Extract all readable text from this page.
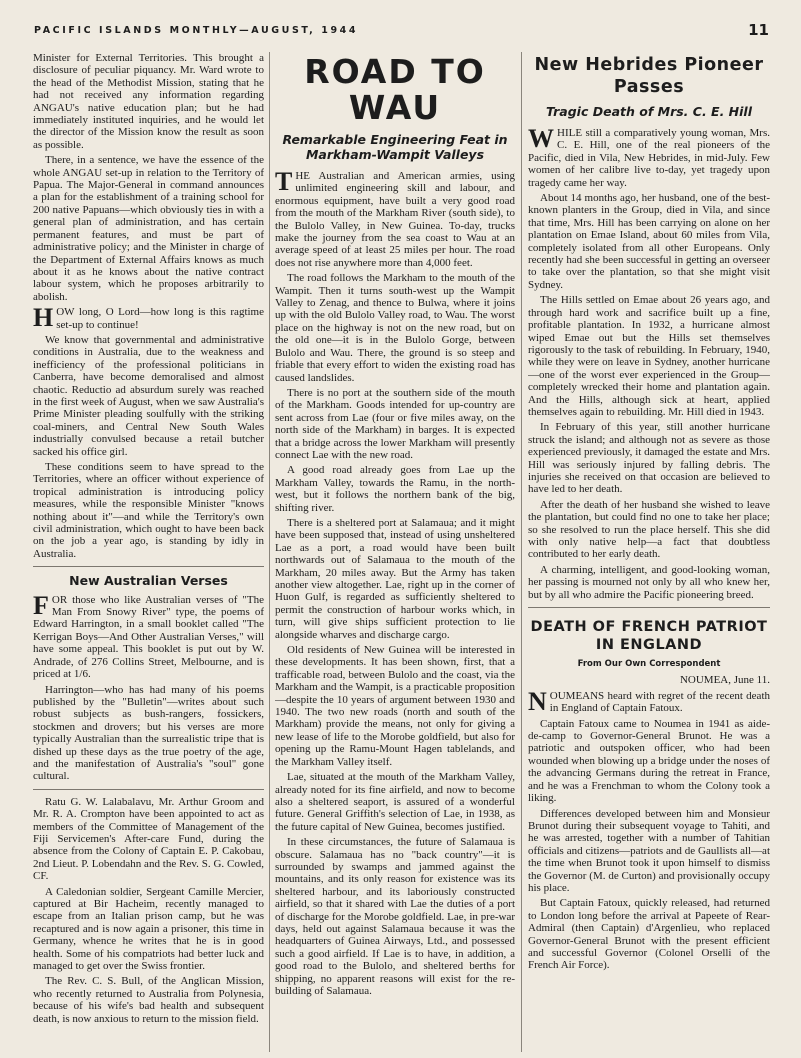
PACIFIC ISLANDS MONTHLY—AUGUST, 1944	11

Minister for External Territories. This brought a disclosure of peculiar piquancy. Mr. Ward wrote to the head of the Methodist Mission, stating that he had not received any information regarding ANGAU's native education plan; but he had immediately instituted inquiries, and he would let the director of the Mission know the result as soon as possible.

There, in a sentence, we have the essence of the whole ANGAU set-up in relation to the Territory of Papua. The Major-General in command announces a plan for the establishment of a training school for 200 native Papuans—which obviously ties in with a general plan of administration, and has certain permanent features, and must be part of administrative policy; and the Minister in charge of the Department of External Affairs knows as much about it as he knows about the native contract labour system, which he proposes arbitrarily to abolish.

HOW long, O Lord—how long is this ragtime set-up to continue!

We know that governmental and administrative conditions in Australia, due to the weakness and inefficiency of the professional politicians in Canberra, have become demoralised and almost chaotic. Reductio ad absurdum surely was reached in the first week of August, when we saw Australia's Prime Minister pleading soulfully with the striking coal-miners, and Central New South Wales industrially convulsed because a retail butcher sacked his office girl.

These conditions seem to have spread to the Territories, where an officer without experience of tropical administration is introducing policy measures, while the responsible Minister "knows nothing about it"—and while the Territory's own civil administration, which ought to have been back on the job a year ago, is standing by idly in Australia.

New Australian Verses

FOR those who like Australian verses of "The Man From Snowy River" type, the poems of Edward Harrington, in a small booklet called "The Kerrigan Boys—And Other Australian Verses," will have some appeal. This booklet is put out by W. Andrade, of 276 Collins Street, Melbourne, and is priced at 1/6.

Harrington—who has had many of his poems published by the "Bulletin"—writes about such robust subjects as bush-rangers, fossickers, stockmen and drovers; but his verses are more typically Australian than the surrealistic tripe that is dished up these days as the true poetry of the age, and the manifestation of Australia's "soul" gone cultural.

Ratu G. W. Lalabalavu, Mr. Arthur Groom and Mr. R. A. Crompton have been appointed to act as members of the Committee of Management of the Fiji Servicemen's After-care Fund, during the absence from the Colony of Captain E. P. Cakobau, 2nd Lieut. P. Lobendahn and the Rev. S. G. Cowled, CF.

A Caledonian soldier, Sergeant Camille Mercier, captured at Bir Hacheim, recently managed to escape from an Italian prison camp, but he was recaptured and is now again a prisoner, this time in Germany, whence he writes that he is in good health. Some of his compatriots had better luck and managed to get over the Swiss frontier.

The Rev. C. S. Bull, of the Anglican Mission, who recently returned to Australia from Polynesia, because of his wife's bad health and subsequent death, is now anxious to return to the mission field.

ROAD TO WAU
Remarkable Engineering Feat in Markham-Wampit Valleys

THE Australian and American armies, using unlimited engineering skill and labour, and enormous equipment, have built a very good road from the mouth of the Markham River (south side), to the Bulolo Valley, in New Guinea. To-day, trucks make the journey from the sea coast to Wau at an average speed of at least 25 miles per hour. The road does not rise anywhere more than 4,000 feet.

The road follows the Markham to the mouth of the Wampit. Then it turns south-west up the Wampit Valley to Zenag, and thence to Bulwa, where it joins up with the old Bulolo Valley road, to Wau. The worst place on the highway is not on the new road, but on the old one—it is in the Bulolo Gorge, between Bulolo and Wau. There, the ground is so steep and friable that every effort to widen the existing road has caused landslides.

There is no port at the southern side of the mouth of the Markham. Goods intended for up-country are sent across from Lae (four or five miles away, on the north side of the Markham) in barges. It is expected that a bridge across the lower Markham will presently connect Lae with the new road.

A good road already goes from Lae up the Markham Valley, towards the Ramu, in the north-west, but it follows the northern bank of the big, shifting river.

There is a sheltered port at Salamaua; and it might have been supposed that, instead of using unsheltered Lae as a port, a road would have been built northwards out of Salamaua to the mouth of the Markham, 20 miles away. But the Army has taken another view altogether. Lae, right up in the corner of Huon Gulf, is regarded as sufficiently sheltered to permit the construction of harbour works which, in turn, will give ships sufficient protection to lie alongside wharves and discharge cargo.

Old residents of New Guinea will be interested in these developments. It has been shown, first, that a trafficable road, between Bulolo and the coast, via the Markham and the Wampit, is a practicable proposition—despite the 10 years of argument between 1930 and 1940. The two new roads (north and south of the Markham) provide the means, not only for giving a new lease of life to the Morobe goldfield, but also for opening up the Ramu-Mount Hagen tablelands, and the Markham Valley itself.

Lae, situated at the mouth of the Markham Valley, already noted for its fine airfield, and now to become also a sheltered seaport, is assured of a wonderful future. General Griffith's selection of Lae, in 1938, as the future capital of New Guinea, becomes justified.

In these circumstances, the future of Salamaua is obscure. Salamaua has no "back country"—it is surrounded by swamps and jammed against the mountains, and its only reason for existence was its sheltered harbour, and its laboriously constructed airfield, so that it shared with Lae the duties of a port of discharge for the Morobe goldfield. Lae, in pre-war days, held out against Salamaua because it was the headquarters of Guinea Airways, Ltd., and possessed such a good airfield. If Lae is to have, in addition, a good road to the Bulolo, and sheltered berths for shipping, no apparent reasons will exist for the re-building of Salamaua.

New Hebrides Pioneer Passes
Tragic Death of Mrs. C. E. Hill

WHILE still a comparatively young woman, Mrs. C. E. Hill, one of the real pioneers of the Pacific, died in Vila, New Hebrides, in mid-July. Few women of her calibre live to-day, yet tragedy upon tragedy came her way.

About 14 months ago, her husband, one of the best-known planters in the Group, died in Vila, and since that time, Mrs. Hill has been carrying on alone on her plantation on Emae Island, about 60 miles from Vila, completely isolated from all other Europeans. Only recently had she been successful in getting an overseer to take over the plantation, so that she might visit Sydney.

The Hills settled on Emae about 26 years ago, and through hard work and sacrifice built up a fine, profitable plantation. In 1932, a hurricane almost wiped Emae out but the Hills set themselves rigorously to the task of rebuilding. In February, 1940, while they were on leave in Sydney, another hurricane—one of the worst ever experienced in the Group—completely wrecked their home and plantation again. And the Hills, although sick at heart, applied themselves again to rebuilding. Mr. Hill died in 1943.

In February of this year, still another hurricane struck the island; and although not as severe as those experienced previously, it damaged the estate and Mrs. Hill was seriously injured by falling debris. The injuries she received on that occasion are believed to have led to her death.

After the death of her husband she wished to leave the plantation, but could find no one to take her place; so she resolved to run the place herself. This she did with only native help—a fact that doubtless contributed to her early death.

A charming, intelligent, and good-looking woman, her passing is mourned not only by all who knew her, but by all who admire the Pacific pioneering breed.

DEATH OF FRENCH PATRIOT IN ENGLAND
From Our Own Correspondent

NOUMEA, June 11.

NOUMEANS heard with regret of the recent death in England of Captain Fatoux.

Captain Fatoux came to Noumea in 1941 as aide-de-camp to Governor-General Brunot. He was a patriotic and outspoken officer, who had been wounded when blowing up a bridge under the noses of the advancing Germans during the retreat in France, and he was a Frenchman to whom the Colony took a liking.

Differences developed between him and Monsieur Brunot during their subsequent voyage to Tahiti, and he was arrested, together with a number of Tahitian officials and citizens—patriots and de Gaullists all—at the time when Brunot took it upon himself to dismiss the Governor (M. de Curton) and provisionally occupy his place.

But Captain Fatoux, quickly released, had returned to London long before the arrival at Papeete of Rear-Admiral (then Captain) d'Argenlieu, who replaced Governor-General Brunot with the present efficient and successful Governor (Colonel Orselli of the French Air Force).
